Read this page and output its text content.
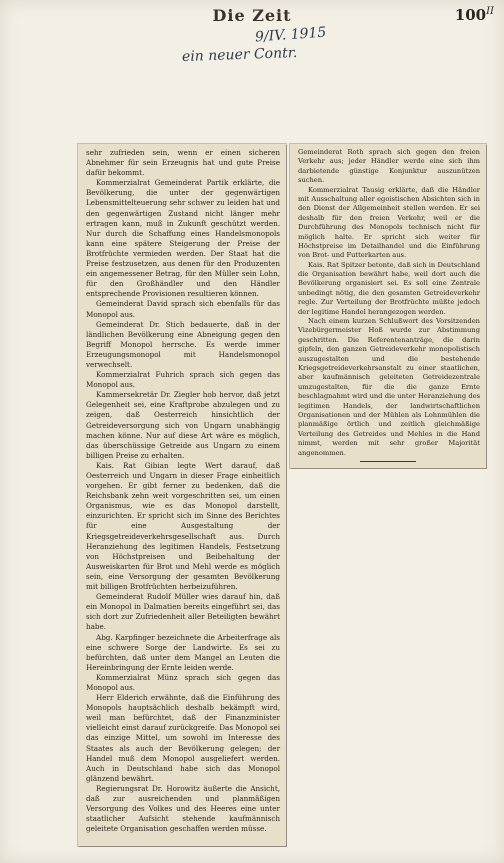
Die Zeit	$100^{II}$
9/IV. 1915
ein neuer Contr.

sehr zufrieden sein, wenn er einen sicheren Abnehmer für sein Erzeugnis hat und gute Preise dafür bekommt.

Kommerzialrat Gemeinderat Partik erklärte, die Bevölkerung, die unter der gegenwärtigen Lebensmittelteuerung sehr schwer zu leiden hat und den gegenwärtigen Zustand nicht länger mehr ertragen kann, muß in Zukunft geschützt werden. Nur durch die Schaffung eines Handelsmonopols kann eine spätere Steigerung der Preise der Brotfrüchte vermieden werden. Der Staat hat die Preise festzusetzen, aus denen für den Produzenten ein angemessener Betrag, für den Müller sein Lohn, für den Großhändler und den Händler entsprechende Provisionen resultieren können.

Gemeinderat David sprach sich ebenfalls für das Monopol aus.

Gemeinderat Dr. Stich bedauerte, daß in der ländlichen Bevölkerung eine Abneigung gegen den Begriff Monopol herrsche. Es werde immer Erzeugungsmonopol mit Handelsmonopol verwechselt.

Kommerzialrat Fuhrich sprach sich gegen das Monopol aus.

Kammersekretär Dr. Ziegler hob hervor, daß jetzt Gelegenheit sei, eine Kraftprobe abzulegen und zu zeigen, daß Oesterreich hinsichtlich der Getreideversorgung sich von Ungarn unabhängig machen könne. Nur auf diese Art wäre es möglich, das überschüssige Getreide aus Ungarn zu einem billigen Preise zu erhalten.

Kais. Rat Gibian legte Wert darauf, daß Oesterreich und Ungarn in dieser Frage einheitlich vorgehen. Er gibt ferner zu bedenken, daß die Reichsbank zehn weit vorgeschritten sei, um einen Organismus, wie es das Monopol darstellt, einzurichten. Er spricht sich im Sinne des Berichtes für eine Ausgestaltung der Kriegsgetreideverkehrsgesellschaft aus. Durch Heranziehung des legitimen Handels, Festsetzung von Höchstpreisen und Beibehaltung der Ausweiskarten für Brot und Mehl werde es möglich sein, eine Versorgung der gesamten Bevölkerung mit billigen Brotfrüchten herbeizuführen.

Gemeinderat Rudolf Müller wies darauf hin, daß ein Monopol in Dalmatien bereits eingeführt sei, das sich dort zur Zufriedenheit aller Beteiligten bewährt habe.

Abg. Karpfinger bezeichnete die Arbeiterfrage als eine schwere Sorge der Landwirte. Es sei zu befürchten, daß unter dem Mangel an Leuten die Hereinbringung der Ernte leiden werde.

Kommerzialrat Münz sprach sich gegen das Monopol aus.

Herr Elderich erwähnte, daß die Einführung des Monopols hauptsächlich deshalb bekämpft wird, weil man befürchtet, daß der Finanzminister vielleicht einst darauf zurückgreife. Das Monopol sei das einzige Mittel, um sowohl im Interesse des Staates als auch der Bevölkerung gelegen; der Handel muß dem Monopol ausgeliefert werden. Auch in Deutschland habe sich das Monopol glänzend bewährt.

Regierungsrat Dr. Horowitz äußerte die Ansicht, daß zur ausreichenden und planmäßigen Versorgung des Volkes und des Heeres eine unter staatlicher Aufsicht stehende kaufmännisch geleitete Organisation geschaffen werden müsse.

Gemeinderat Roth sprach sich gegen den freien Verkehr aus; jeder Händler werde eine sich ihm darbietende günstige Konjunktur auszunützen suchen.

Kommerzialrat Tausig erklärte, daß die Händler mit Ausschaltung aller egoistischen Absichten sich in den Dienst der Allgemeinheit stellen werden. Er sei deshalb für den freien Verkehr, weil er die Durchführung des Monopols technisch nicht für möglich halte. Er spricht sich weiter für Höchstpreise im Detailhandel und die Einführung von Brot- und Futterkarten aus.

Kais. Rat Spitzer betonte, daß sich in Deutschland die Organisation bewährt habe, weil dort auch die Bevölkerung organisiert sei. Es soll eine Zentrale unbedingt nötig, die den gesamten Getreideverkehr regle. Zur Verteilung der Brotfrüchte müßte jedoch der legitime Handel herangezogen werden.

Nach einem kurzen Schlußwort des Vorsitzenden Vizebürgermeister Hoß wurde zur Abstimmung geschritten. Die Referentenanträge, die darin gipfeln, den ganzen Getreideverkehr monopolistisch auszugestalten und die bestehende Kriegsgetreideverkehrsanstalt zu einer staatlichen, aber kaufmännisch geleiteten Getreidezentrale umzugestalten, für die die ganze Ernte beschlagnahmt wird und die unter Heranziehung des legitimen Handels, der landwirtschaftlichen Organisationen und der Mühlen als Lohnmühlen die planmäßige örtlich und zeitlich gleichmäßige Verteilung des Getreides und Mehles in die Hand nimmt, werden mit sehr großer Majorität angenommen.
